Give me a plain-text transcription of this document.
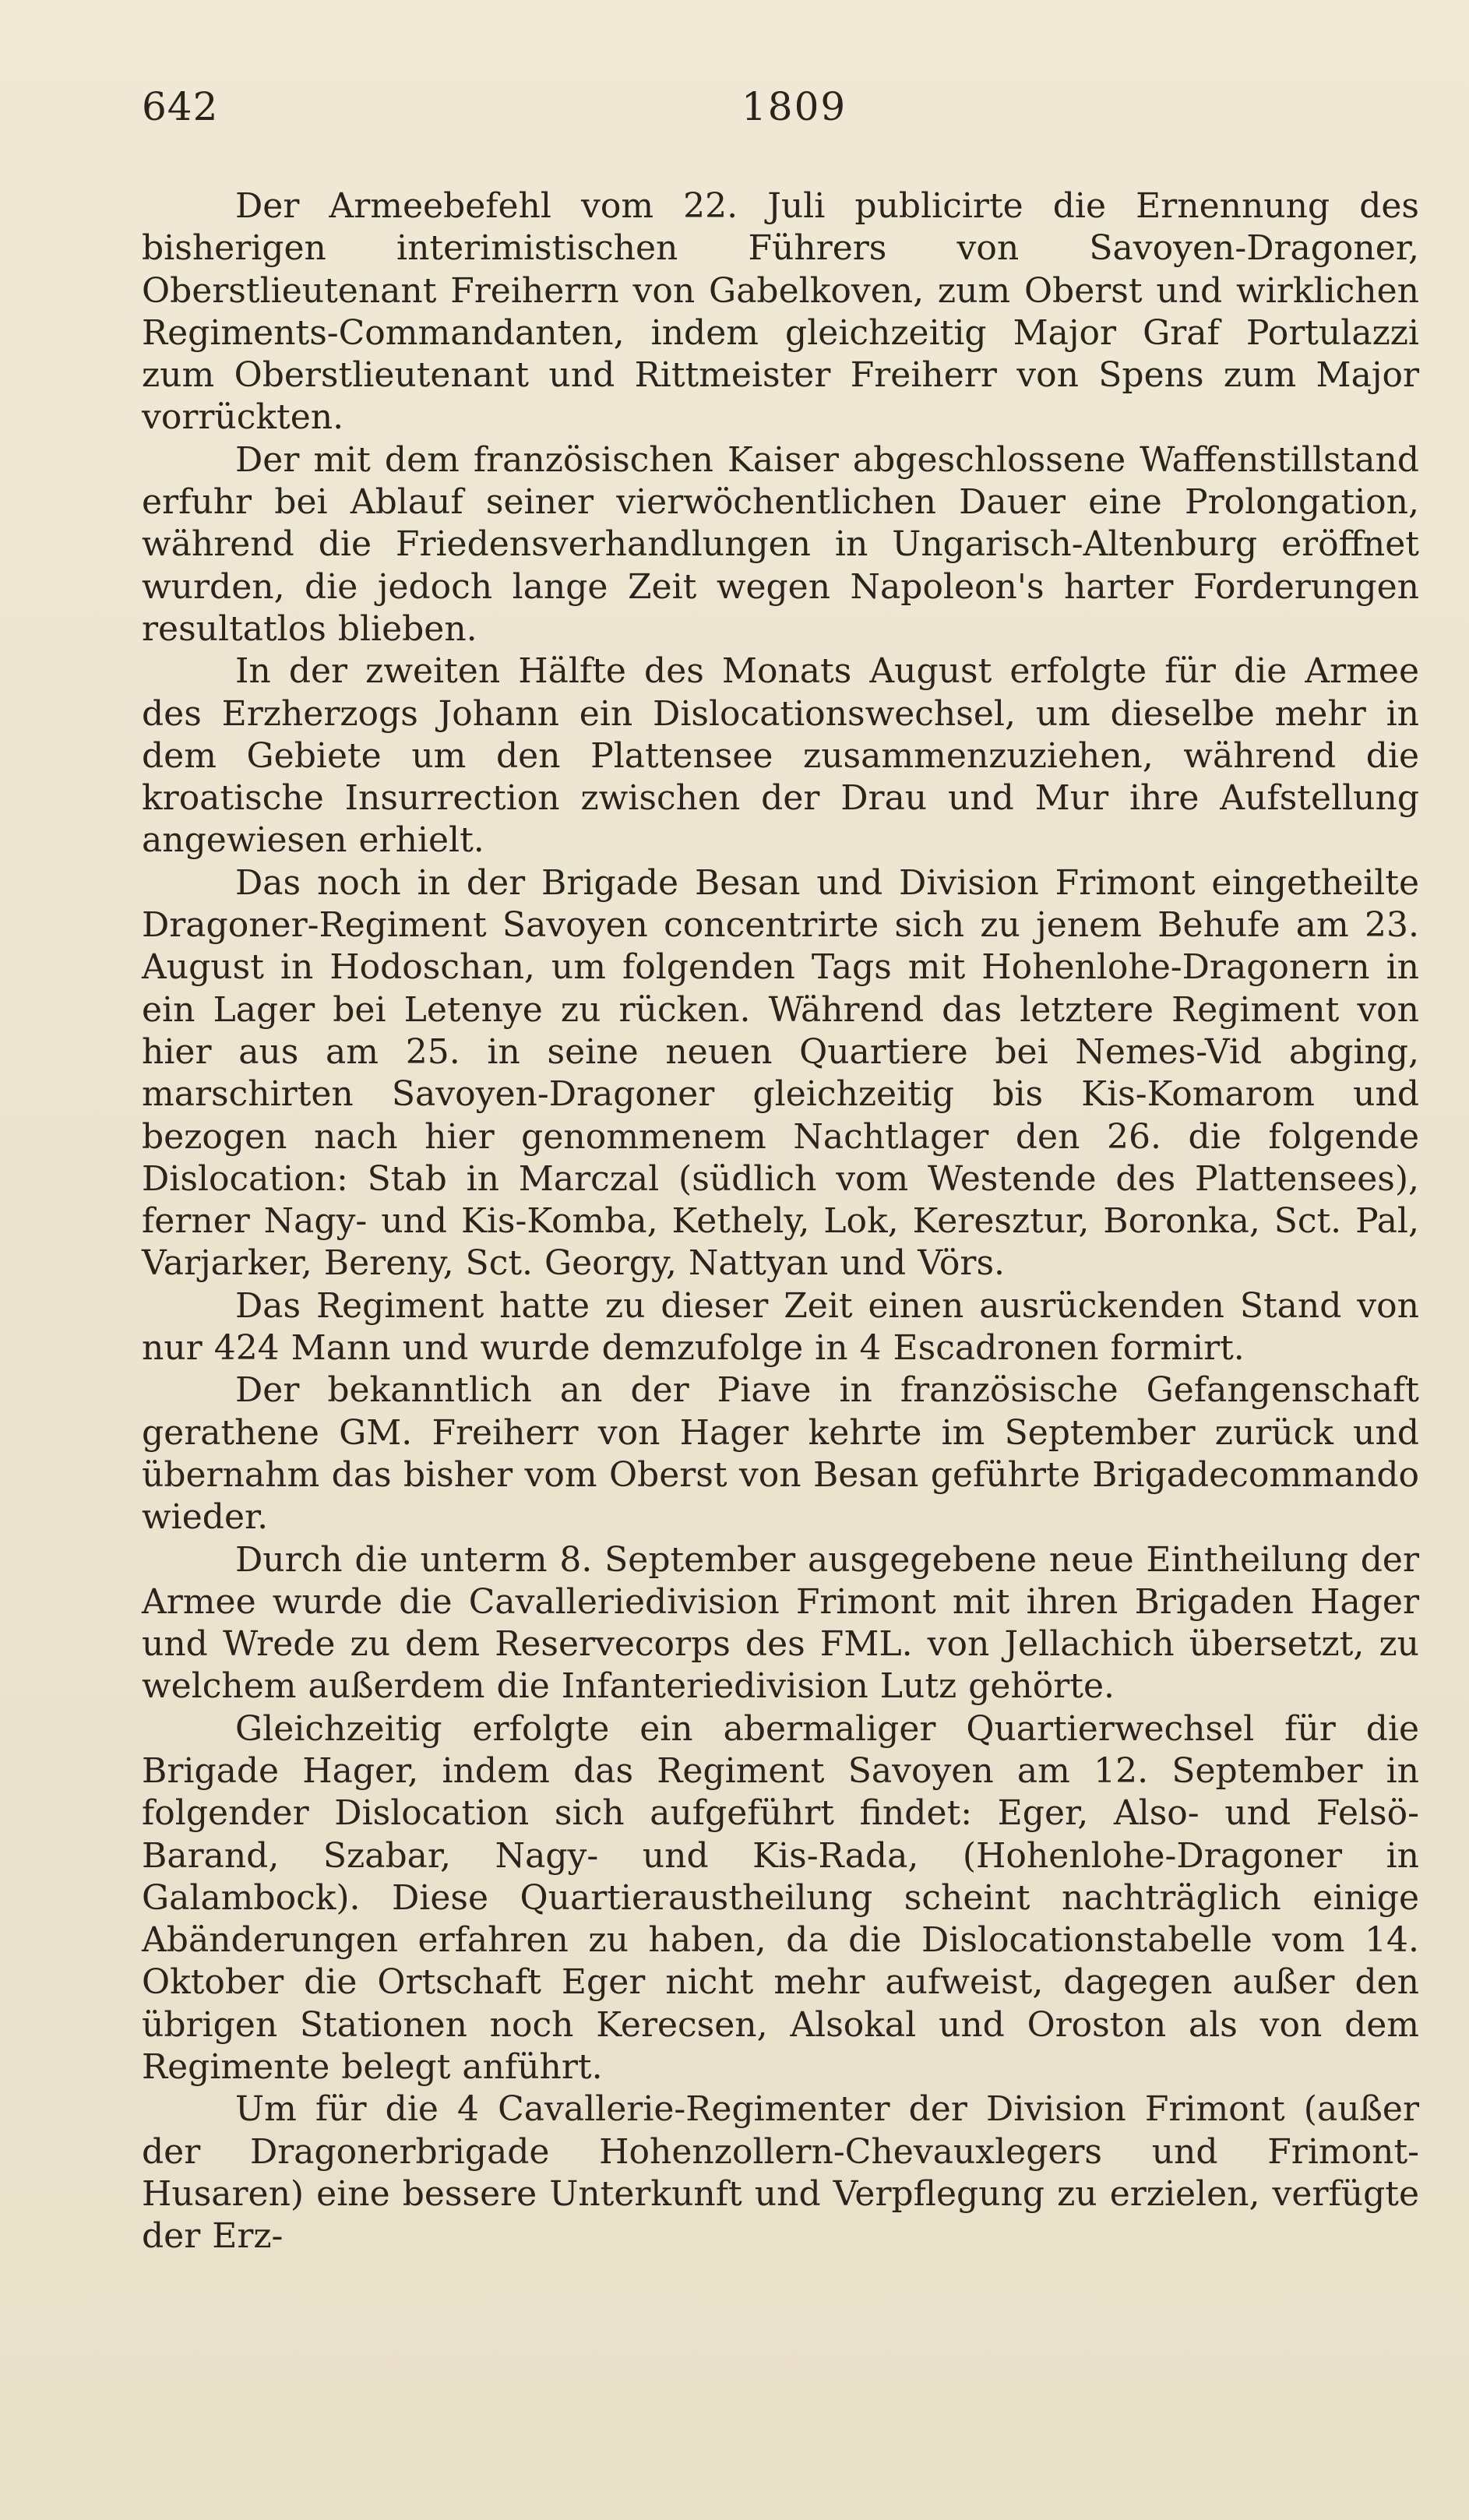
642	1809

Der Armeebefehl vom 22. Juli publicirte die Ernennung des bisherigen interimistischen Führers von Savoyen-Dragoner, Oberstlieutenant Freiherrn von Gabelkoven, zum Oberst und wirklichen Regiments-Commandanten, indem gleichzeitig Major Graf Portulazzi zum Oberstlieutenant und Rittmeister Freiherr von Spens zum Major vorrückten.

Der mit dem französischen Kaiser abgeschlossene Waffenstillstand erfuhr bei Ablauf seiner vierwöchentlichen Dauer eine Prolongation, während die Friedensverhandlungen in Ungarisch-Altenburg eröffnet wurden, die jedoch lange Zeit wegen Napoleon's harter Forderungen resultatlos blieben.

In der zweiten Hälfte des Monats August erfolgte für die Armee des Erzherzogs Johann ein Dislocationswechsel, um dieselbe mehr in dem Gebiete um den Plattensee zusammenzuziehen, während die kroatische Insurrection zwischen der Drau und Mur ihre Aufstellung angewiesen erhielt.

Das noch in der Brigade Besan und Division Frimont eingetheilte Dragoner-Regiment Savoyen concentrirte sich zu jenem Behufe am 23. August in Hodoschan, um folgenden Tags mit Hohenlohe-Dragonern in ein Lager bei Letenye zu rücken. Während das letztere Regiment von hier aus am 25. in seine neuen Quartiere bei Nemes-Vid abging, marschirten Savoyen-Dragoner gleichzeitig bis Kis-Komarom und bezogen nach hier genommenem Nachtlager den 26. die folgende Dislocation: Stab in Marczal (südlich vom Westende des Plattensees), ferner Nagy- und Kis-Komba, Kethely, Lok, Keresztur, Boronka, Sct. Pal, Varjarker, Bereny, Sct. Georgy, Nattyan und Vörs.

Das Regiment hatte zu dieser Zeit einen ausrückenden Stand von nur 424 Mann und wurde demzufolge in 4 Escadronen formirt.

Der bekanntlich an der Piave in französische Gefangenschaft gerathene GM. Freiherr von Hager kehrte im September zurück und übernahm das bisher vom Oberst von Besan geführte Brigadecommando wieder.

Durch die unterm 8. September ausgegebene neue Eintheilung der Armee wurde die Cavalleriedivision Frimont mit ihren Brigaden Hager und Wrede zu dem Reservecorps des FML. von Jellachich übersetzt, zu welchem außerdem die Infanteriedivision Lutz gehörte.

Gleichzeitig erfolgte ein abermaliger Quartierwechsel für die Brigade Hager, indem das Regiment Savoyen am 12. September in folgender Dislocation sich aufgeführt findet: Eger, Also- und Felsö-Barand, Szabar, Nagy- und Kis-Rada, (Hohenlohe-Dragoner in Galambock). Diese Quartieraustheilung scheint nachträglich einige Abänderungen erfahren zu haben, da die Dislocationstabelle vom 14. Oktober die Ortschaft Eger nicht mehr aufweist, dagegen außer den übrigen Stationen noch Kerecsen, Alsokal und Oroston als von dem Regimente belegt anführt.

Um für die 4 Cavallerie-Regimenter der Division Frimont (außer der Dragonerbrigade Hohenzollern-Chevauxlegers und Frimont-Husaren) eine bessere Unterkunft und Verpflegung zu erzielen, verfügte der Erz-
